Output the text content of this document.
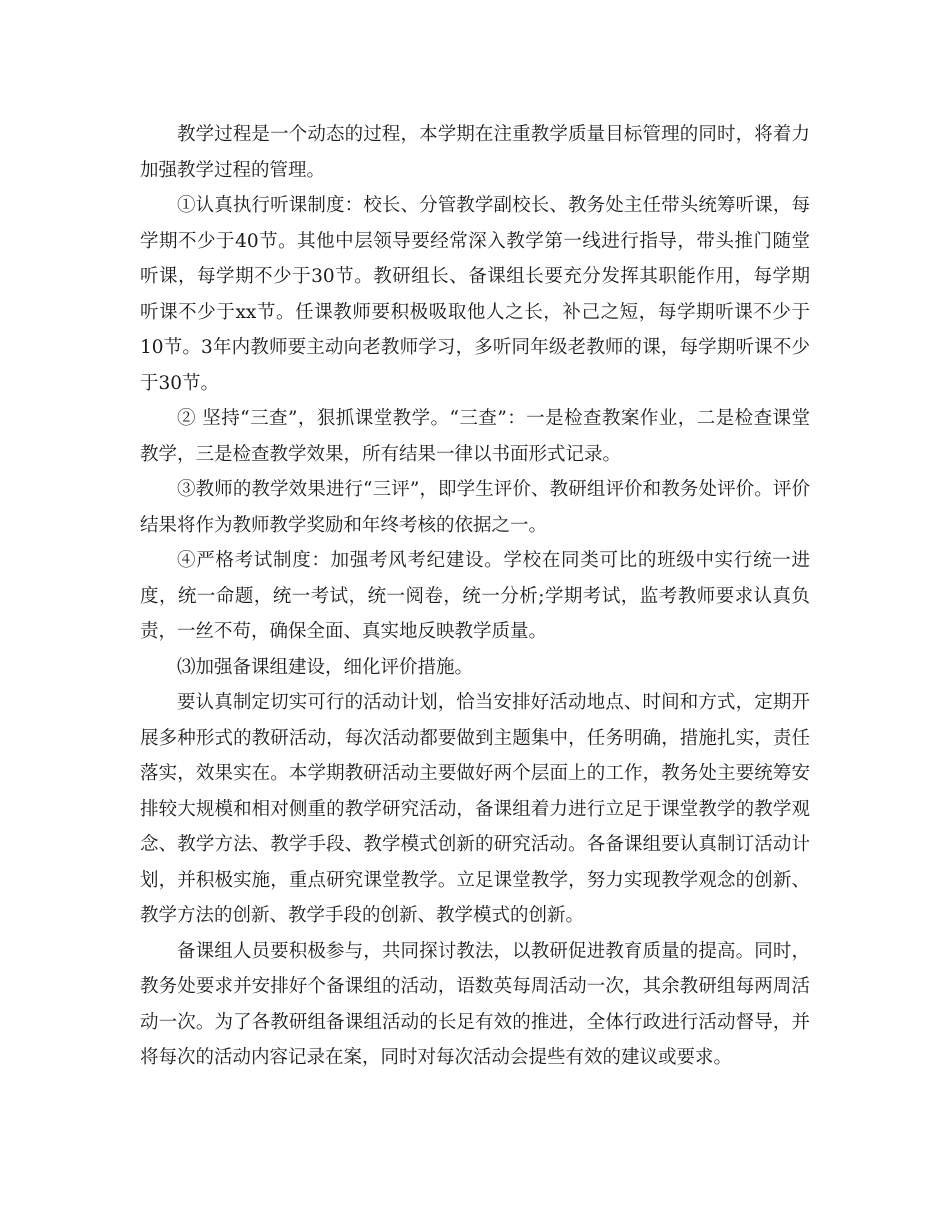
教学过程是一个动态的过程，本学期在注重教学质量目标管理的同时，将着力加强教学过程的管理。

①认真执行听课制度：校长、分管教学副校长、教务处主任带头统筹听课，每学期不少于40节。其他中层领导要经常深入教学第一线进行指导，带头推门随堂听课，每学期不少于30节。教研组长、备课组长要充分发挥其职能作用，每学期听课不少于xx节。任课教师要积极吸取他人之长，补己之短，每学期听课不少于10节。3年内教师要主动向老教师学习，多听同年级老教师的课，每学期听课不少于30节。

② 坚持“三查”，狠抓课堂教学。“三查”：一是检查教案作业，二是检查课堂教学，三是检查教学效果，所有结果一律以书面形式记录。

③教师的教学效果进行“三评”，即学生评价、教研组评价和教务处评价。评价结果将作为教师教学奖励和年终考核的依据之一。

④严格考试制度：加强考风考纪建设。学校在同类可比的班级中实行统一进度，统一命题，统一考试，统一阅卷，统一分析;学期考试，监考教师要求认真负责，一丝不苟，确保全面、真实地反映教学质量。

⑶加强备课组建设，细化评价措施。

要认真制定切实可行的活动计划，恰当安排好活动地点、时间和方式，定期开展多种形式的教研活动，每次活动都要做到主题集中，任务明确，措施扎实，责任落实，效果实在。本学期教研活动主要做好两个层面上的工作，教务处主要统筹安排较大规模和相对侧重的教学研究活动，备课组着力进行立足于课堂教学的教学观念、教学方法、教学手段、教学模式创新的研究活动。各备课组要认真制订活动计划，并积极实施，重点研究课堂教学。立足课堂教学，努力实现教学观念的创新、教学方法的创新、教学手段的创新、教学模式的创新。

备课组人员要积极参与，共同探讨教法，以教研促进教育质量的提高。同时，教务处要求并安排好个备课组的活动，语数英每周活动一次，其余教研组每两周活动一次。为了各教研组备课组活动的长足有效的推进，全体行政进行活动督导，并将每次的活动内容记录在案，同时对每次活动会提些有效的建议或要求。
